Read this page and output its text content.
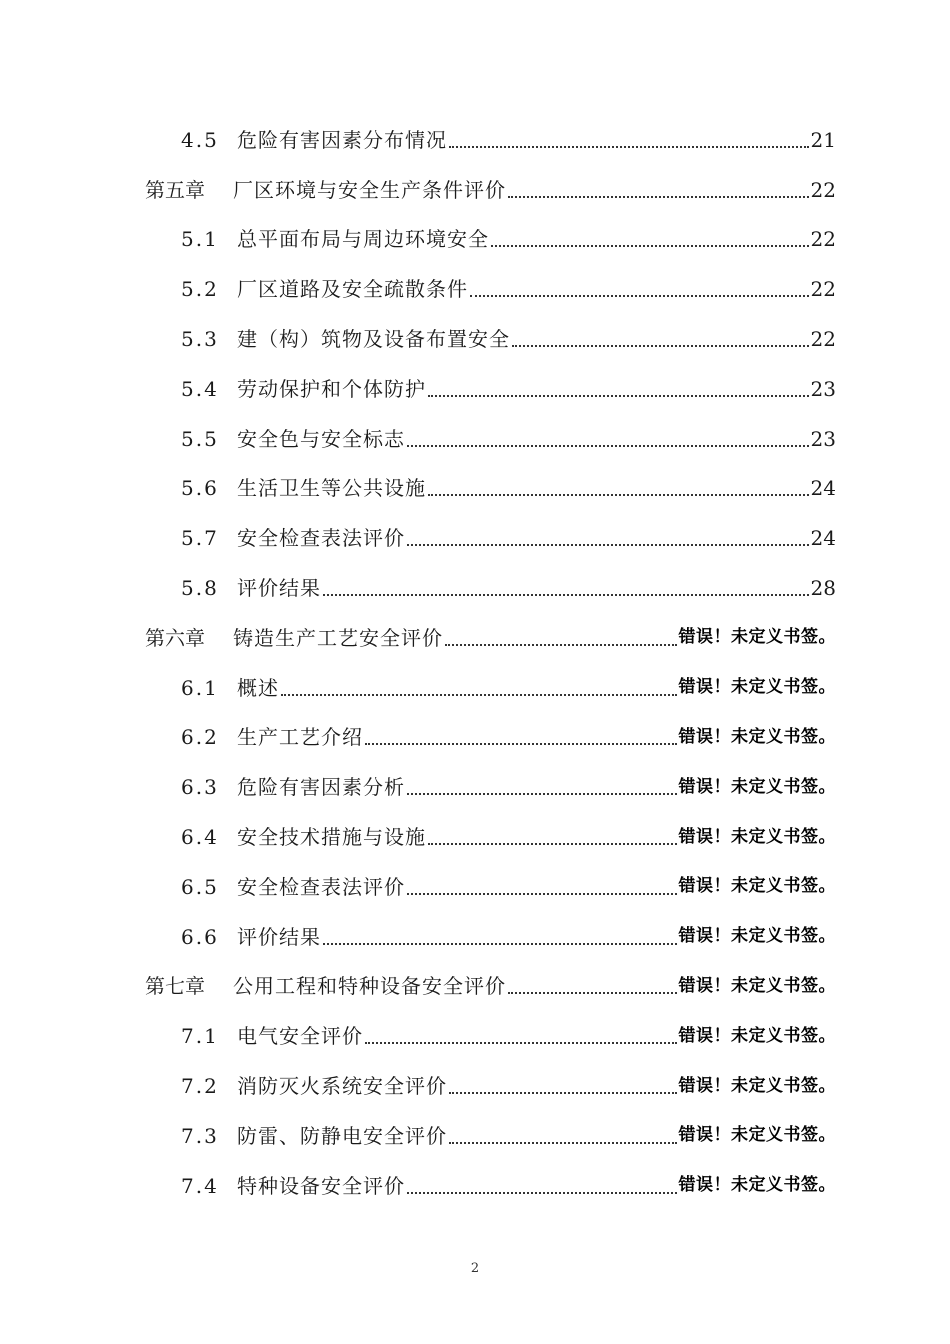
4.5 危险有害因素分布情况	21
第五章	厂区环境与安全生产条件评价	22
5.1 总平面布局与周边环境安全	22
5.2 厂区道路及安全疏散条件	22
5.3 建（构）筑物及设备布置安全	22
5.4 劳动保护和个体防护	23
5.5 安全色与安全标志	23
5.6 生活卫生等公共设施	24
5.7 安全检查表法评价	24
5.8 评价结果	28
第六章	铸造生产工艺安全评价	错误！未定义书签。
6.1 概述	错误！未定义书签。
6.2 生产工艺介绍	错误！未定义书签。
6.3 危险有害因素分析	错误！未定义书签。
6.4 安全技术措施与设施	错误！未定义书签。
6.5 安全检查表法评价	错误！未定义书签。
6.6 评价结果	错误！未定义书签。
第七章	公用工程和特种设备安全评价	错误！未定义书签。
7.1 电气安全评价	错误！未定义书签。
7.2 消防灭火系统安全评价	错误！未定义书签。
7.3 防雷、防静电安全评价	错误！未定义书签。
7.4 特种设备安全评价	错误！未定义书签。
2
